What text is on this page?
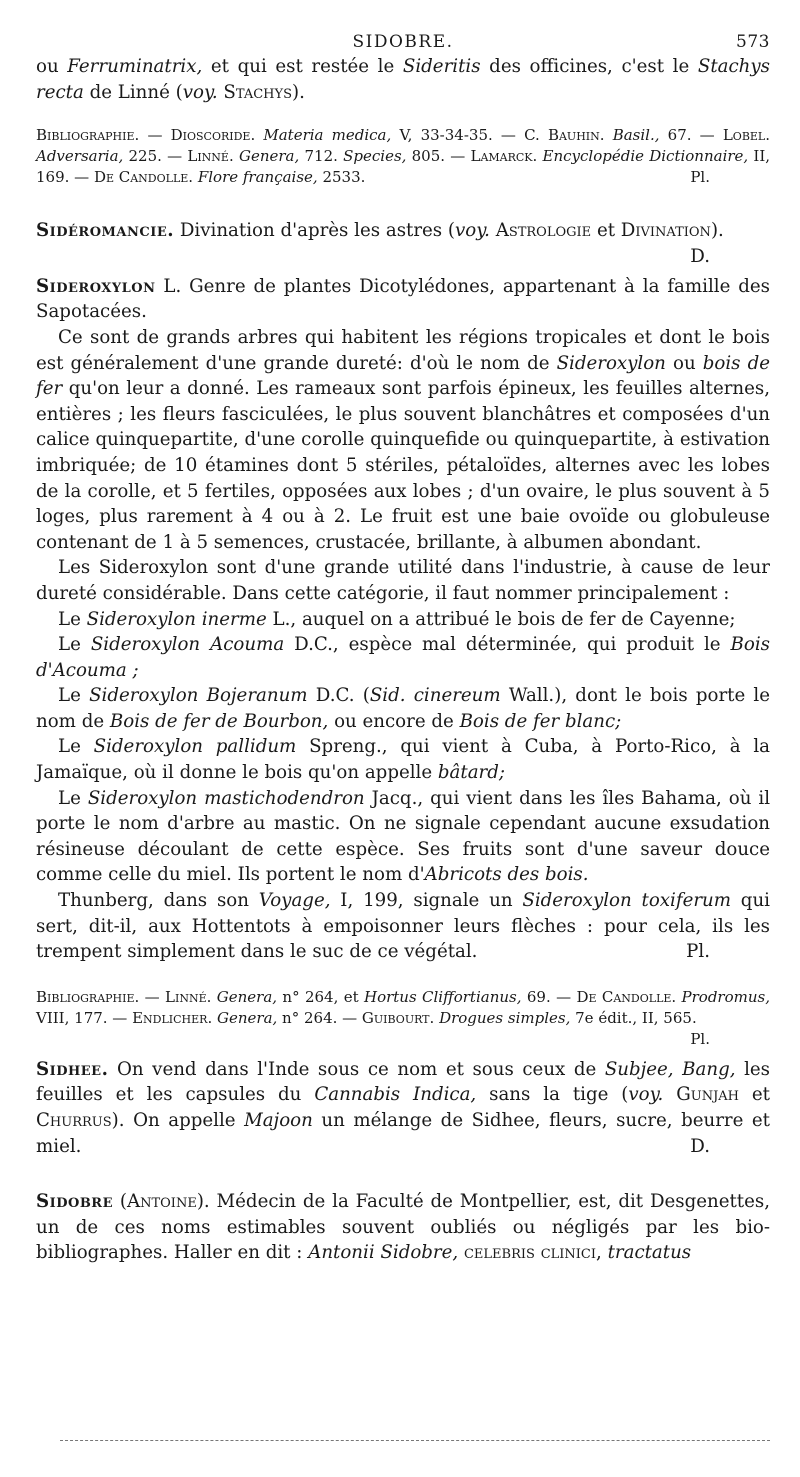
SIDOBRE.	573

ou Ferruminatrix, et qui est restée le Sideritis des officines, c'est le Stachys recta de Linné (voy. Stachys).

Bibliographie. — Dioscoride. Materia medica, V, 33-34-35. — C. Bauhin. Basil., 67. — Lobel. Adversaria, 225. — Linné. Genera, 712. Species, 805. — Lamarck. Encyclopédie Dictionnaire, II, 169. — De Candolle. Flore française, 2533.	Pl.

Sidéromancie. Divination d'après les astres (voy. Astrologie et Divination).
D.

Sideroxylon L. Genre de plantes Dicotylédones, appartenant à la famille des Sapotacées.

Ce sont de grands arbres qui habitent les régions tropicales et dont le bois est généralement d'une grande dureté: d'où le nom de Sideroxylon ou bois de fer qu'on leur a donné. Les rameaux sont parfois épineux, les feuilles alternes, entières ; les fleurs fasciculées, le plus souvent blanchâtres et composées d'un calice quinquepartite, d'une corolle quinquefide ou quinquepartite, à estivation imbriquée; de 10 étamines dont 5 stériles, pétaloïdes, alternes avec les lobes de la corolle, et 5 fertiles, opposées aux lobes ; d'un ovaire, le plus souvent à 5 loges, plus rarement à 4 ou à 2. Le fruit est une baie ovoïde ou globuleuse contenant de 1 à 5 semences, crustacée, brillante, à albumen abondant.

Les Sideroxylon sont d'une grande utilité dans l'industrie, à cause de leur dureté considérable. Dans cette catégorie, il faut nommer principalement :

Le Sideroxylon inerme L., auquel on a attribué le bois de fer de Cayenne;

Le Sideroxylon Acouma D.C., espèce mal déterminée, qui produit le Bois d'Acouma ;

Le Sideroxylon Bojeranum D.C. (Sid. cinereum Wall.), dont le bois porte le nom de Bois de fer de Bourbon, ou encore de Bois de fer blanc;

Le Sideroxylon pallidum Spreng., qui vient à Cuba, à Porto-Rico, à la Jamaïque, où il donne le bois qu'on appelle bâtard;

Le Sideroxylon mastichodendron Jacq., qui vient dans les îles Bahama, où il porte le nom d'arbre au mastic. On ne signale cependant aucune exsudation résineuse découlant de cette espèce. Ses fruits sont d'une saveur douce comme celle du miel. Ils portent le nom d'Abricots des bois.

Thunberg, dans son Voyage, I, 199, signale un Sideroxylon toxiferum qui sert, dit-il, aux Hottentots à empoisonner leurs flèches : pour cela, ils les trempent simplement dans le suc de ce végétal.	Pl.

Bibliographie. — Linné. Genera, n° 264, et Hortus Cliffortianus, 69. — De Candolle. Prodromus, VIII, 177. — Endlicher. Genera, n° 264. — Guibourt. Drogues simples, 7e édit., II, 565.
Pl.

Sidhee. On vend dans l'Inde sous ce nom et sous ceux de Subjee, Bang, les feuilles et les capsules du Cannabis Indica, sans la tige (voy. Gunjah et Churrus). On appelle Majoon un mélange de Sidhee, fleurs, sucre, beurre et miel.	D.

Sidobre (Antoine). Médecin de la Faculté de Montpellier, est, dit Desgenettes, un de ces noms estimables souvent oubliés ou négligés par les bio-bibliographes. Haller en dit : Antonii Sidobre, celebris clinici, tractatus
